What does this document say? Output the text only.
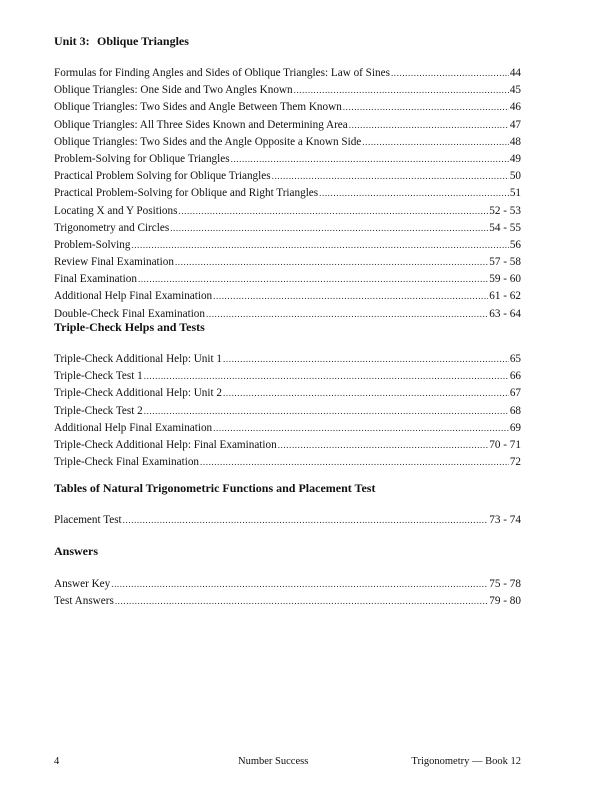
Unit 3: Oblique Triangles
Formulas for Finding Angles and Sides of Oblique Triangles: Law of Sines .....	44
Oblique Triangles: One Side and Two Angles Known .....	45
Oblique Triangles: Two Sides and Angle Between Them Known .....	46
Oblique Triangles: All Three Sides Known and Determining Area .....	47
Oblique Triangles: Two Sides and the Angle Opposite a Known Side .....	48
Problem-Solving for Oblique Triangles .....	49
Practical Problem Solving for Oblique Triangles .....	50
Practical Problem-Solving for Oblique and Right Triangles .....	51
Locating X and Y Positions .....	52 - 53
Trigonometry and Circles .....	54 - 55
Problem-Solving .....	56
Review Final Examination .....	57 - 58
Final Examination .....	59 - 60
Additional Help Final Examination .....	61 - 62
Double-Check Final Examination .....	63 - 64
Triple-Check Helps and Tests
Triple-Check Additional Help: Unit 1 .....	65
Triple-Check Test 1 .....	66
Triple-Check Additional Help: Unit 2 .....	67
Triple-Check Test 2 .....	68
Additional Help Final Examination .....	69
Triple-Check Additional Help: Final Examination .....	70 - 71
Triple-Check Final Examination .....	72
Tables of Natural Trigonometric Functions and Placement Test
Placement Test .....	73 - 74
Answers
Answer Key .....	75 - 78
Test Answers .....	79 - 80
4	Number Success	Trigonometry — Book 12
